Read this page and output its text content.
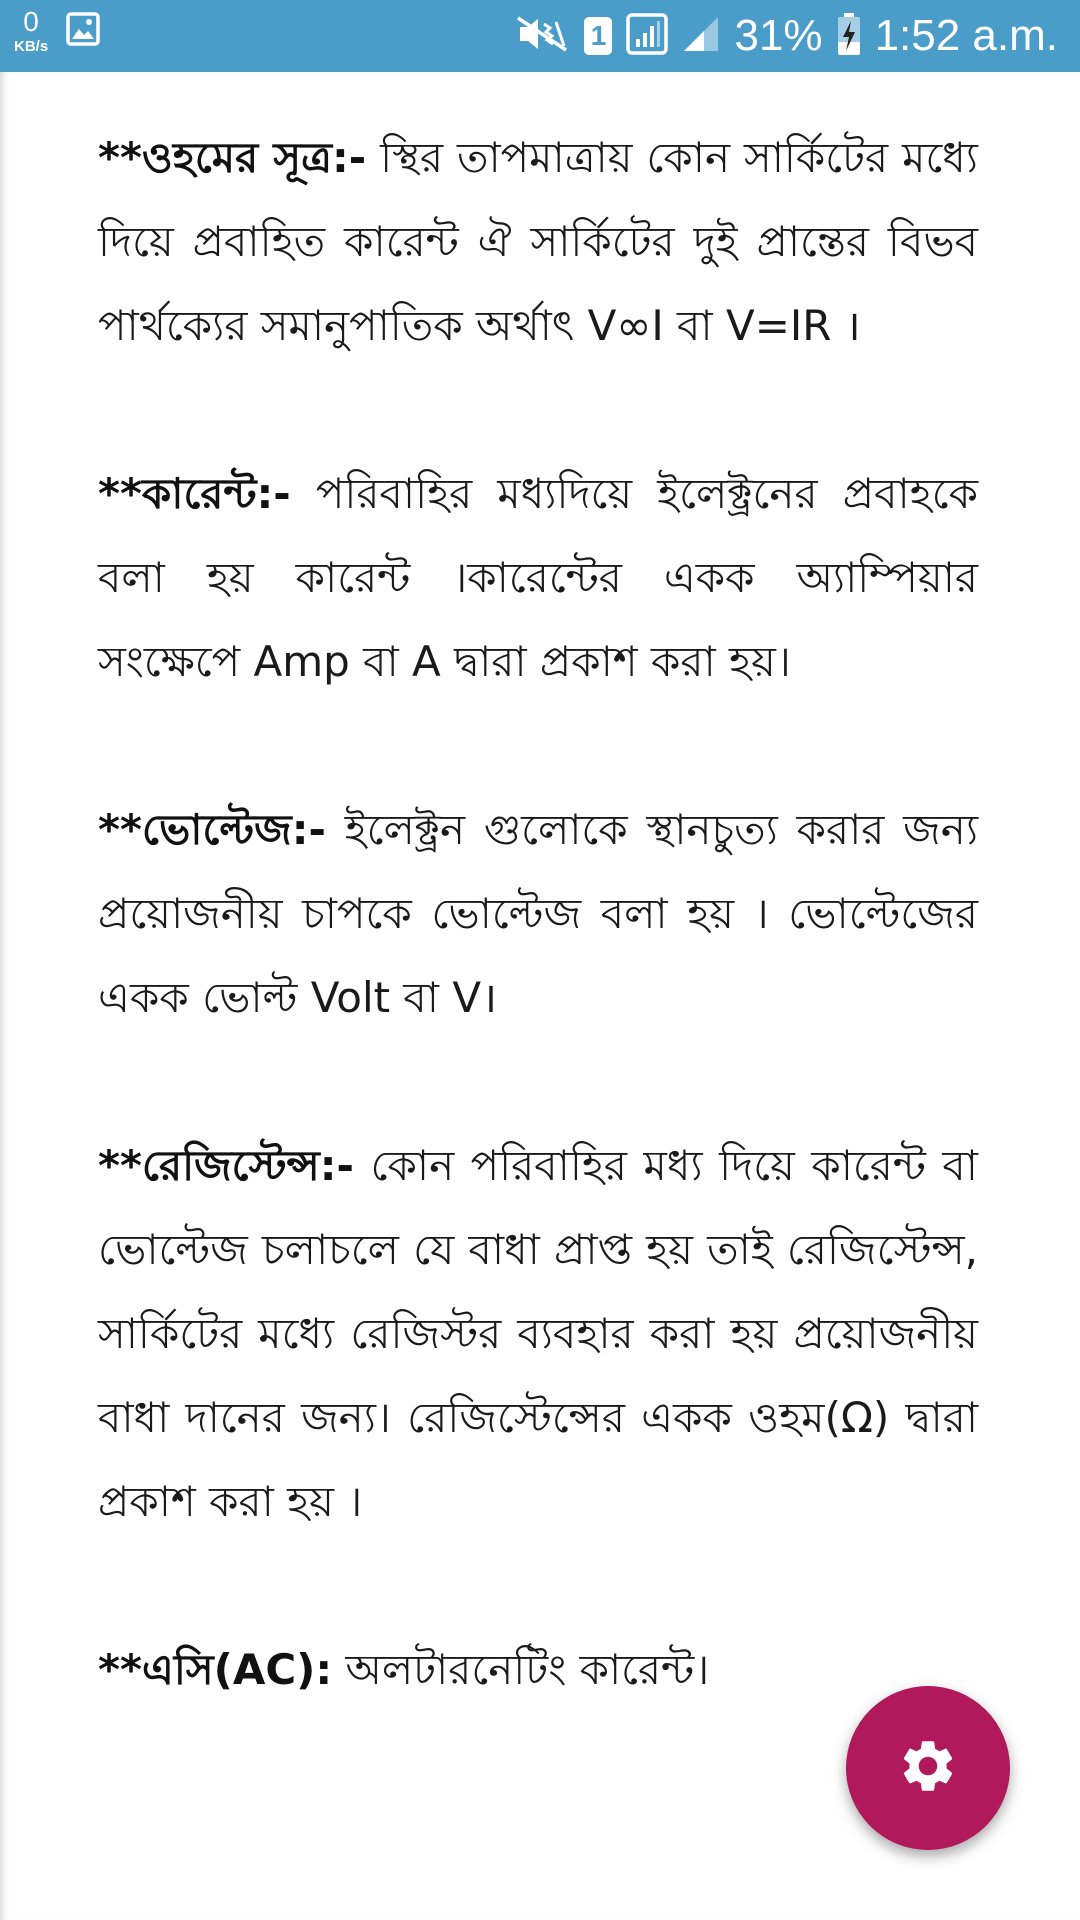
0
KB/s	1	31% 1:52 a.m.

**ওহমের সূত্র:- স্থির তাপমাত্রায় কোন সার্কিটের মধ্যে দিয়ে প্রবাহিত কারেন্ট ঐ সার্কিটের দুই প্রান্তের বিভব পার্থক্যের সমানুপাতিক অর্থাৎ V∞I বা V=IR ।

**কারেন্ট:- পরিবাহির মধ্যদিয়ে ইলেক্ট্রনের প্রবাহকে বলা হয় কারেন্ট ।কারেন্টের একক অ্যাম্পিয়ার সংক্ষেপে Amp বা A দ্বারা প্রকাশ করা হয়।

**ভোল্টেজ:- ইলেক্ট্রন গুলোকে স্থানচুত্য করার জন্য প্রয়োজনীয় চাপকে ভোল্টেজ বলা হয় । ভোল্টেজের একক ভোল্ট Volt বা V।

**রেজিস্টেন্স:- কোন পরিবাহির মধ্য দিয়ে কারেন্ট বা ভোল্টেজ চলাচলে যে বাধা প্রাপ্ত হয় তাই রেজিস্টেন্স, সার্কিটের মধ্যে রেজিস্টর ব্যবহার করা হয় প্রয়োজনীয় বাধা দানের জন্য। রেজিস্টেন্সের একক ওহম(Ω) দ্বারা প্রকাশ করা হয় ।

**এসি(AC): অলটারনেটিং কারেন্ট।
